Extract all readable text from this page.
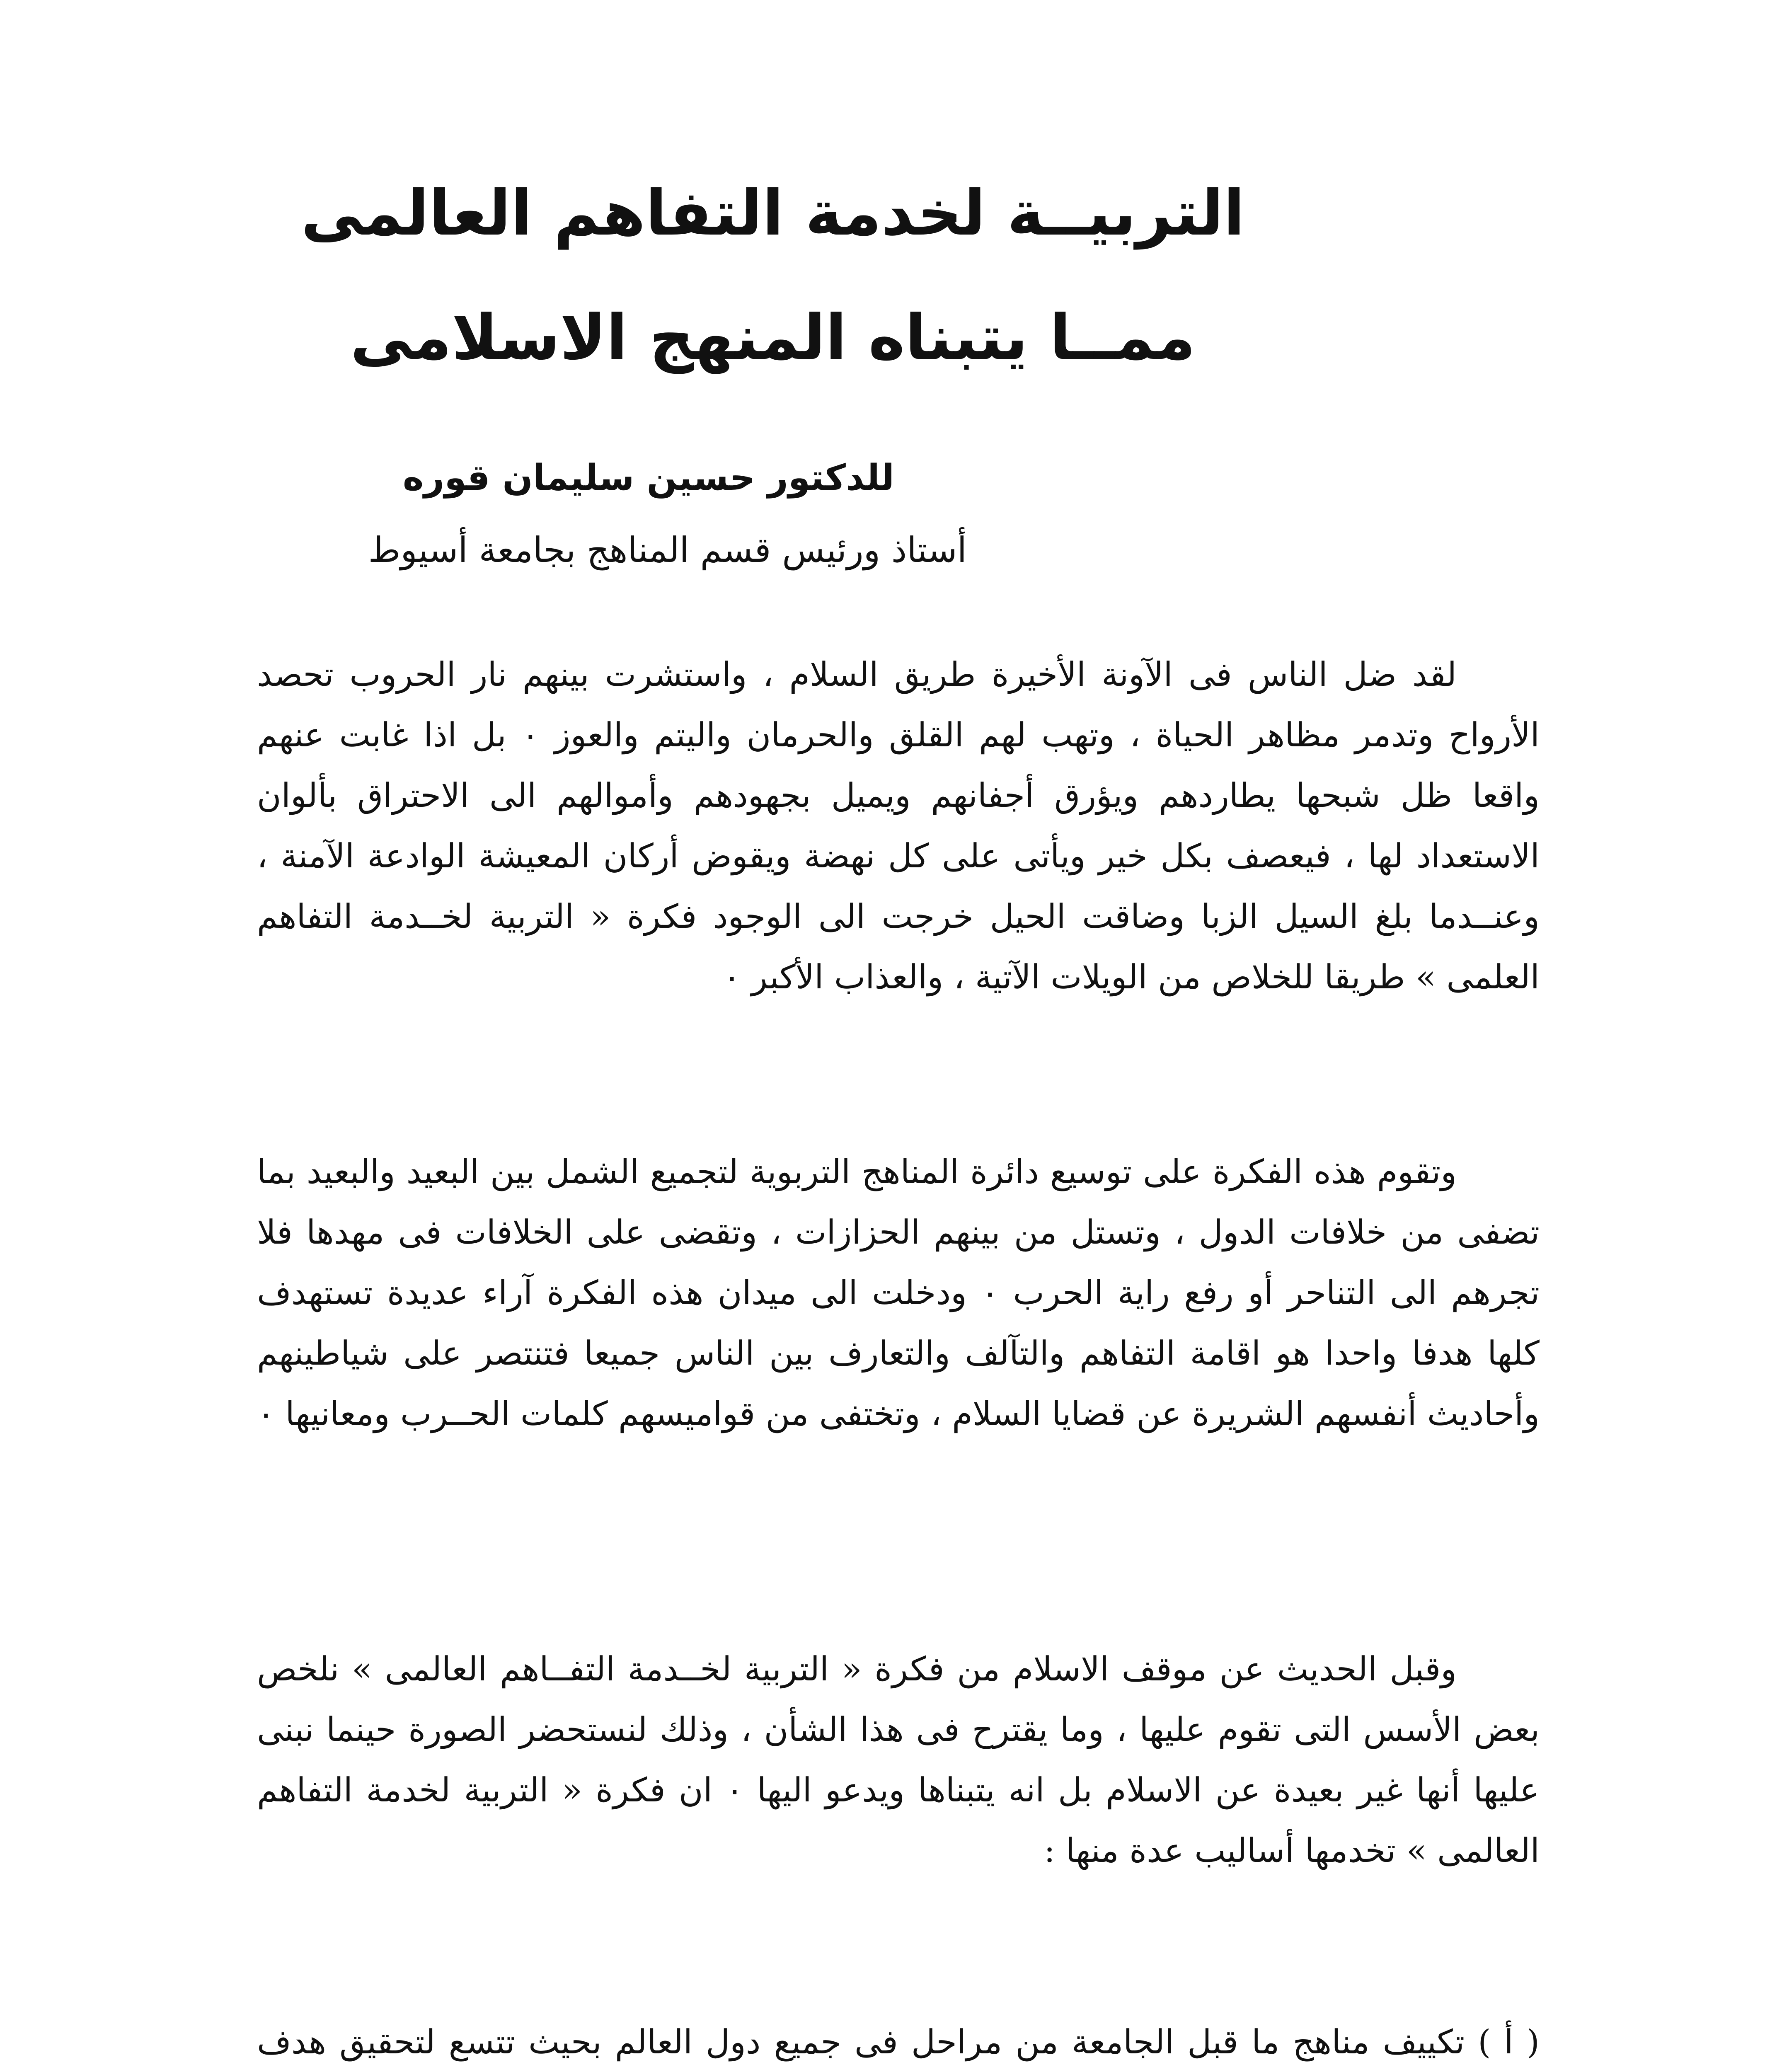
التربيــة لخدمة التفاهم العالمى
ممــا يتبناه المنهج الاسلامى
للدكتور حسين سليمان قوره
أستاذ ورئيس قسم المناهج بجامعة أسيوط

لقد ضل الناس فى الآونة الأخيرة طريق السلام ، واستشرت بينهم نار الحروب تحصد الأرواح وتدمر مظاهر الحياة ، وتهب لهم القلق والحرمان واليتم والعوز ٠ بل اذا غابت عنهم واقعا ظل شبحها يطاردهم ويؤرق أجفانهم ويميل بجهودهم وأموالهم الى الاحتراق بألوان الاستعداد لها ، فيعصف بكل خير ويأتى على كل نهضة ويقوض أركان المعيشة الوادعة الآمنة ، وعنــدما بلغ السيل الزبا وضاقت الحيل خرجت الى الوجود فكرة « التربية لخــدمة التفاهم العلمى » طريقا للخلاص من الويلات الآتية ، والعذاب الأكبر ٠

وتقوم هذه الفكرة على توسيع دائرة المناهج التربوية لتجميع الشمل بين البعيد والبعيد بما تضفى من خلافات الدول ، وتستل من بينهم الحزازات ، وتقضى على الخلافات فى مهدها فلا تجرهم الى التناحر أو رفع راية الحرب ٠ ودخلت الى ميدان هذه الفكرة آراء عديدة تستهدف كلها هدفا واحدا هو اقامة التفاهم والتآلف والتعارف بين الناس جميعا فتنتصر على شياطينهم وأحاديث أنفسهم الشريرة عن قضايا السلام ، وتختفى من قواميسهم كلمات الحــرب ومعانيها ٠

وقبل الحديث عن موقف الاسلام من فكرة « التربية لخــدمة التفــاهم العالمى » نلخص بعض الأسس التى تقوم عليها ، وما يقترح فى هذا الشأن ، وذلك لنستحضر الصورة حينما نبنى عليها أنها غير بعيدة عن الاسلام بل انه يتبناها ويدعو اليها ٠ ان فكرة « التربية لخدمة التفاهم العالمى » تخدمها أساليب عدة منها :

( أ ) تكييف مناهج ما قبل الجامعة من مراحل فى جميع دول العالم بحيث تتسع لتحقيق هدف
